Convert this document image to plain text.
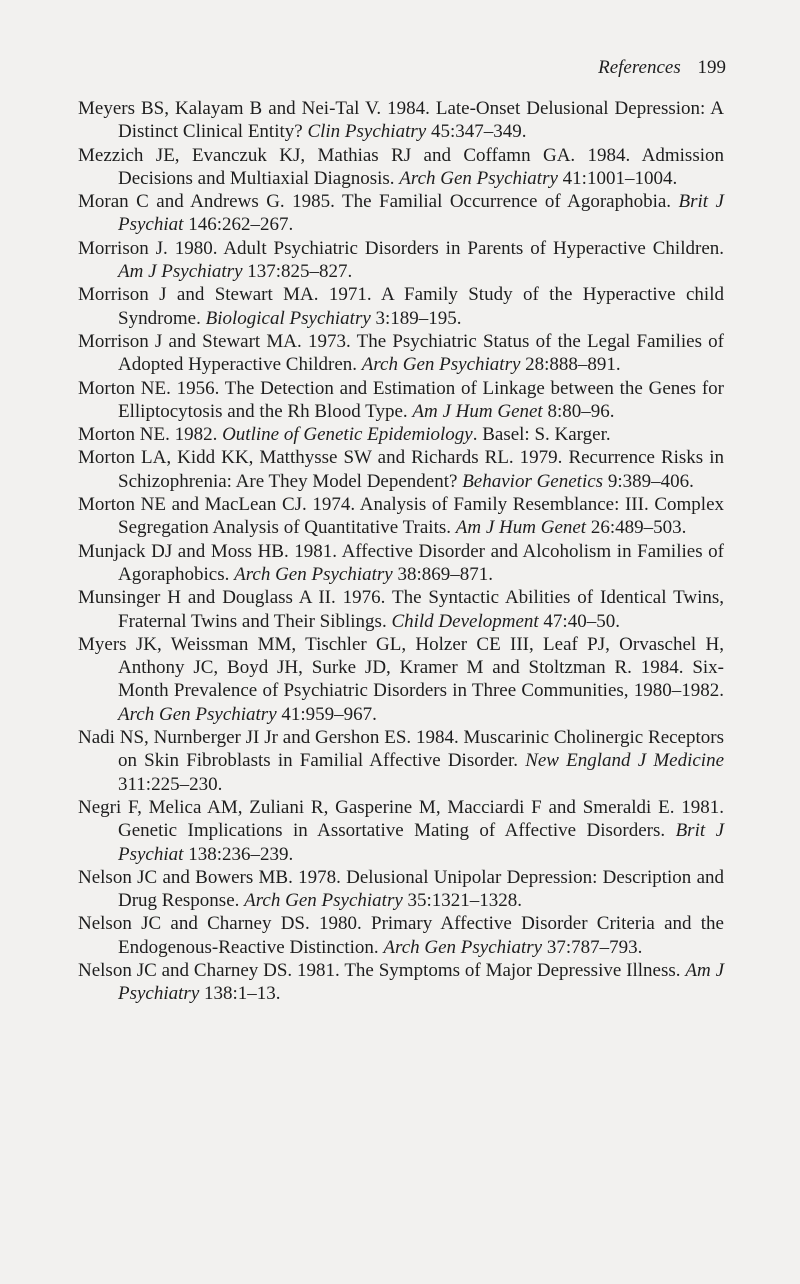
References 199
Meyers BS, Kalayam B and Nei-Tal V. 1984. Late-Onset Delusional Depression: A Distinct Clinical Entity? Clin Psychiatry 45:347–349.
Mezzich JE, Evanczuk KJ, Mathias RJ and Coffamn GA. 1984. Admission Decisions and Multiaxial Diagnosis. Arch Gen Psychiatry 41:1001–1004.
Moran C and Andrews G. 1985. The Familial Occurrence of Agoraphobia. Brit J Psychiat 146:262–267.
Morrison J. 1980. Adult Psychiatric Disorders in Parents of Hyperactive Children. Am J Psychiatry 137:825–827.
Morrison J and Stewart MA. 1971. A Family Study of the Hyperactive child Syndrome. Biological Psychiatry 3:189–195.
Morrison J and Stewart MA. 1973. The Psychiatric Status of the Legal Families of Adopted Hyperactive Children. Arch Gen Psychiatry 28:888–891.
Morton NE. 1956. The Detection and Estimation of Linkage between the Genes for Elliptocytosis and the Rh Blood Type. Am J Hum Genet 8:80–96.
Morton NE. 1982. Outline of Genetic Epidemiology. Basel: S. Karger.
Morton LA, Kidd KK, Matthysse SW and Richards RL. 1979. Recurrence Risks in Schizophrenia: Are They Model Dependent? Behavior Genetics 9:389–406.
Morton NE and MacLean CJ. 1974. Analysis of Family Resemblance: III. Complex Segregation Analysis of Quantitative Traits. Am J Hum Genet 26:489–503.
Munjack DJ and Moss HB. 1981. Affective Disorder and Alcoholism in Families of Agoraphobics. Arch Gen Psychiatry 38:869–871.
Munsinger H and Douglass A II. 1976. The Syntactic Abilities of Identical Twins, Fraternal Twins and Their Siblings. Child Development 47:40–50.
Myers JK, Weissman MM, Tischler GL, Holzer CE III, Leaf PJ, Orvaschel H, Anthony JC, Boyd JH, Surke JD, Kramer M and Stoltzman R. 1984. Six-Month Prevalence of Psychiatric Disorders in Three Communities, 1980–1982. Arch Gen Psychiatry 41:959–967.
Nadi NS, Nurnberger JI Jr and Gershon ES. 1984. Muscarinic Cholinergic Receptors on Skin Fibroblasts in Familial Affective Disorder. New England J Medicine 311:225–230.
Negri F, Melica AM, Zuliani R, Gasperine M, Macciardi F and Smeraldi E. 1981. Genetic Implications in Assortative Mating of Affective Disorders. Brit J Psychiat 138:236–239.
Nelson JC and Bowers MB. 1978. Delusional Unipolar Depression: Description and Drug Response. Arch Gen Psychiatry 35:1321–1328.
Nelson JC and Charney DS. 1980. Primary Affective Disorder Criteria and the Endogenous-Reactive Distinction. Arch Gen Psychiatry 37:787–793.
Nelson JC and Charney DS. 1981. The Symptoms of Major Depressive Illness. Am J Psychiatry 138:1–13.
